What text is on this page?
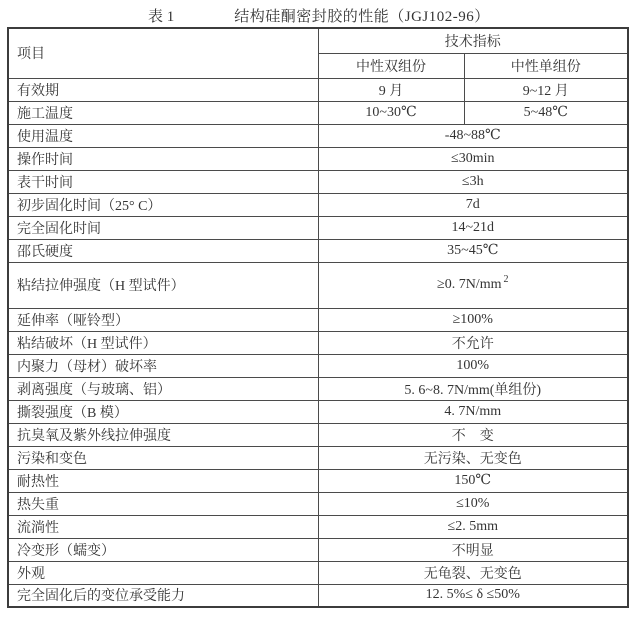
表 1	结构硅酮密封胶的性能（JGJ102-96）
项目	技术指标	
	中性双组份	中性单组份
有效期	9 月	9~12 月
施工温度	10~30℃	5~48℃
使用温度	-48~88℃	
操作时间	≤30min	
表干时间	≤3h	
初步固化时间（25° C）	7d	
完全固化时间	14~21d	
邵氏硬度	35~45℃	
粘结拉伸强度（H 型试件）	≥0. 7N/mm $^2$
延伸率（哑铃型）	≥100%	
粘结破坏（H 型试件）	不允许	
内聚力（母材）破坏率	100%	
剥离强度（与玻璃、铝）	5. 6~8. 7N/mm(单组份)	
撕裂强度（B 模）	4. 7N/mm	
抗臭氧及紫外线拉伸强度	不　变	
污染和变色	无污染、无变色	
耐热性	150℃	
热失重	≤10%	
流淌性	≤2. 5mm	
冷变形（蠕变）	不明显	
外观	无龟裂、无变色	
完全固化后的变位承受能力	12. 5%≤ δ ≤50%	
